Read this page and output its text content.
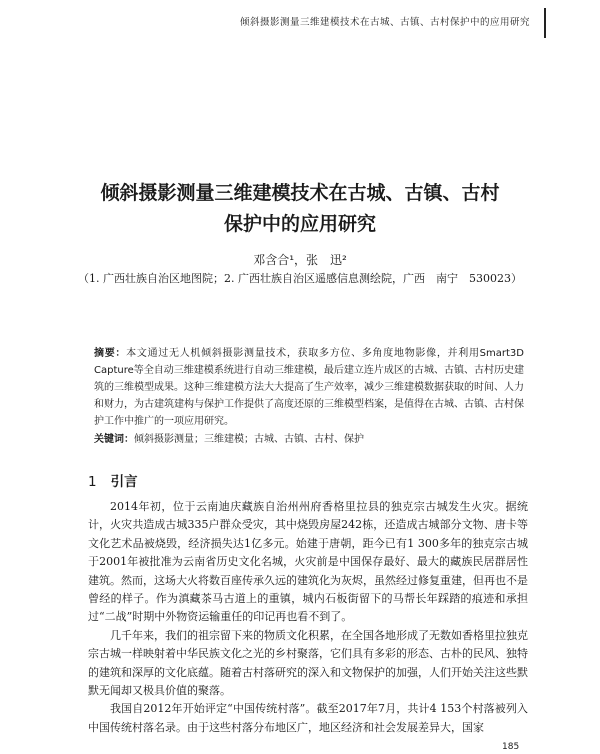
倾斜摄影测量三维建模技术在古城、古镇、古村保护中的应用研究
倾斜摄影测量三维建模技术在古城、古镇、古村
保护中的应用研究
邓含合¹，张　迅²
（1. 广西壮族自治区地图院；2. 广西壮族自治区遥感信息测绘院，广西　南宁　530023）
摘要：本文通过无人机倾斜摄影测量技术，获取多方位、多角度地物影像，并利用Smart3D Capture等全自动三维建模系统进行自动三维建模，最后建立连片成区的古城、古镇、古村历史建筑的三维模型成果。这种三维建模方法大大提高了生产效率，减少三维建模数据获取的时间、人力和财力，为古建筑建构与保护工作提供了高度还原的三维模型档案，是值得在古城、古镇、古村保护工作中推广的一项应用研究。
关键词：倾斜摄影测量；三维建模；古城、古镇、古村、保护
1 引言

2014年初，位于云南迪庆藏族自治州州府香格里拉县的独克宗古城发生火灾。据统计，火灾共造成古城335户群众受灾，其中烧毁房屋242栋，还造成古城部分文物、唐卡等文化艺术品被烧毁，经济损失达1亿多元。始建于唐朝，距今已有1 300多年的独克宗古城于2001年被批准为云南省历史文化名城，火灾前是中国保存最好、最大的藏族民居群居性建筑。然而，这场大火将数百座传承久远的建筑化为灰烬，虽然经过修复重建，但再也不是曾经的样子。作为滇藏茶马古道上的重镇，城内石板街留下的马帮长年踩踏的痕迹和承担过“二战”时期中外物资运输重任的印记再也看不到了。

几千年来，我们的祖宗留下来的物质文化积累，在全国各地形成了无数如香格里拉独克宗古城一样映射着中华民族文化之光的乡村聚落，它们具有多彩的形态、古朴的民风、独特的建筑和深厚的文化底蕴。随着古村落研究的深入和文物保护的加强，人们开始关注这些默默无闻却又极具价值的聚落。

我国自2012年开始评定“中国传统村落”。截至2017年7月，共计4 153个村落被列入中国传统村落名录。由于这些村落分布地区广，地区经济和社会发展差异大，国家

185
